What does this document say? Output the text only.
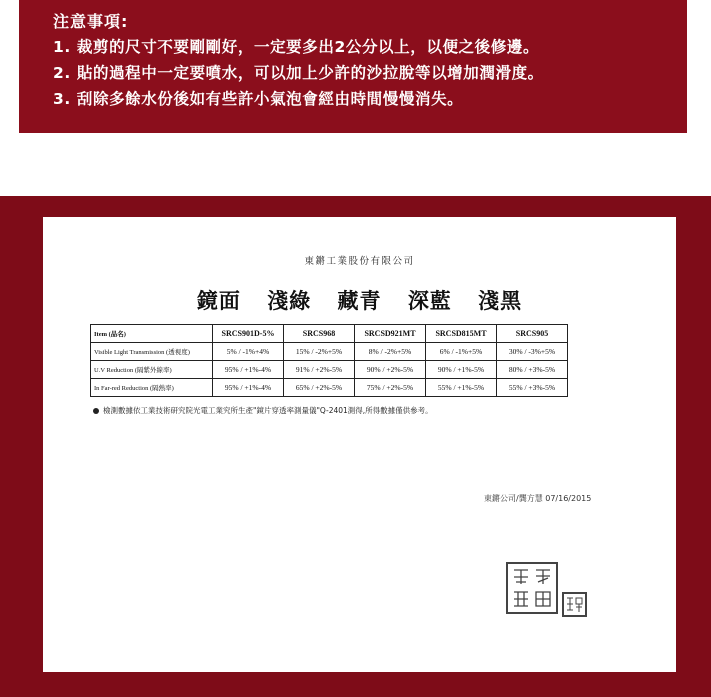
注意事項:
1. 裁剪的尺寸不要剛剛好，一定要多出2公分以上，以便之後修邊。
2. 貼的過程中一定要噴水，可以加上少許的沙拉脫等以增加潤滑度。
3. 刮除多餘水份後如有些許小氣泡會經由時間慢慢消失。
東鏘工業股份有限公司
鏡面 淺綠 藏青 深藍 淺黑
Item (品名)	SRCS901D-5%	SRCS968	SRCSD921MT	SRCSD815MT	SRCS905
Visible Light Transmission (透視度)	5% / -1%+4%	15% / -2%+5%	8% / -2%+5%	6% / -1%+5%	30% / -3%+5%
U.V Reduction (隔紫外線率)	95% / +1%-4%	91% / +2%-5%	90% / +2%-5%	90% / +1%-5%	80% / +3%-5%
In Far-red Reduction (隔熱率)	95% / +1%-4%	65% / +2%-5%	75% / +2%-5%	55% / +1%-5%	55% / +3%-5%
檢測數據依工業技術研究院光電工業究所生產"鏡片穿透率測量儀"Q-2401測得,所得數據僅供參考。
東鏘公司/龔方慧 07/16/2015
